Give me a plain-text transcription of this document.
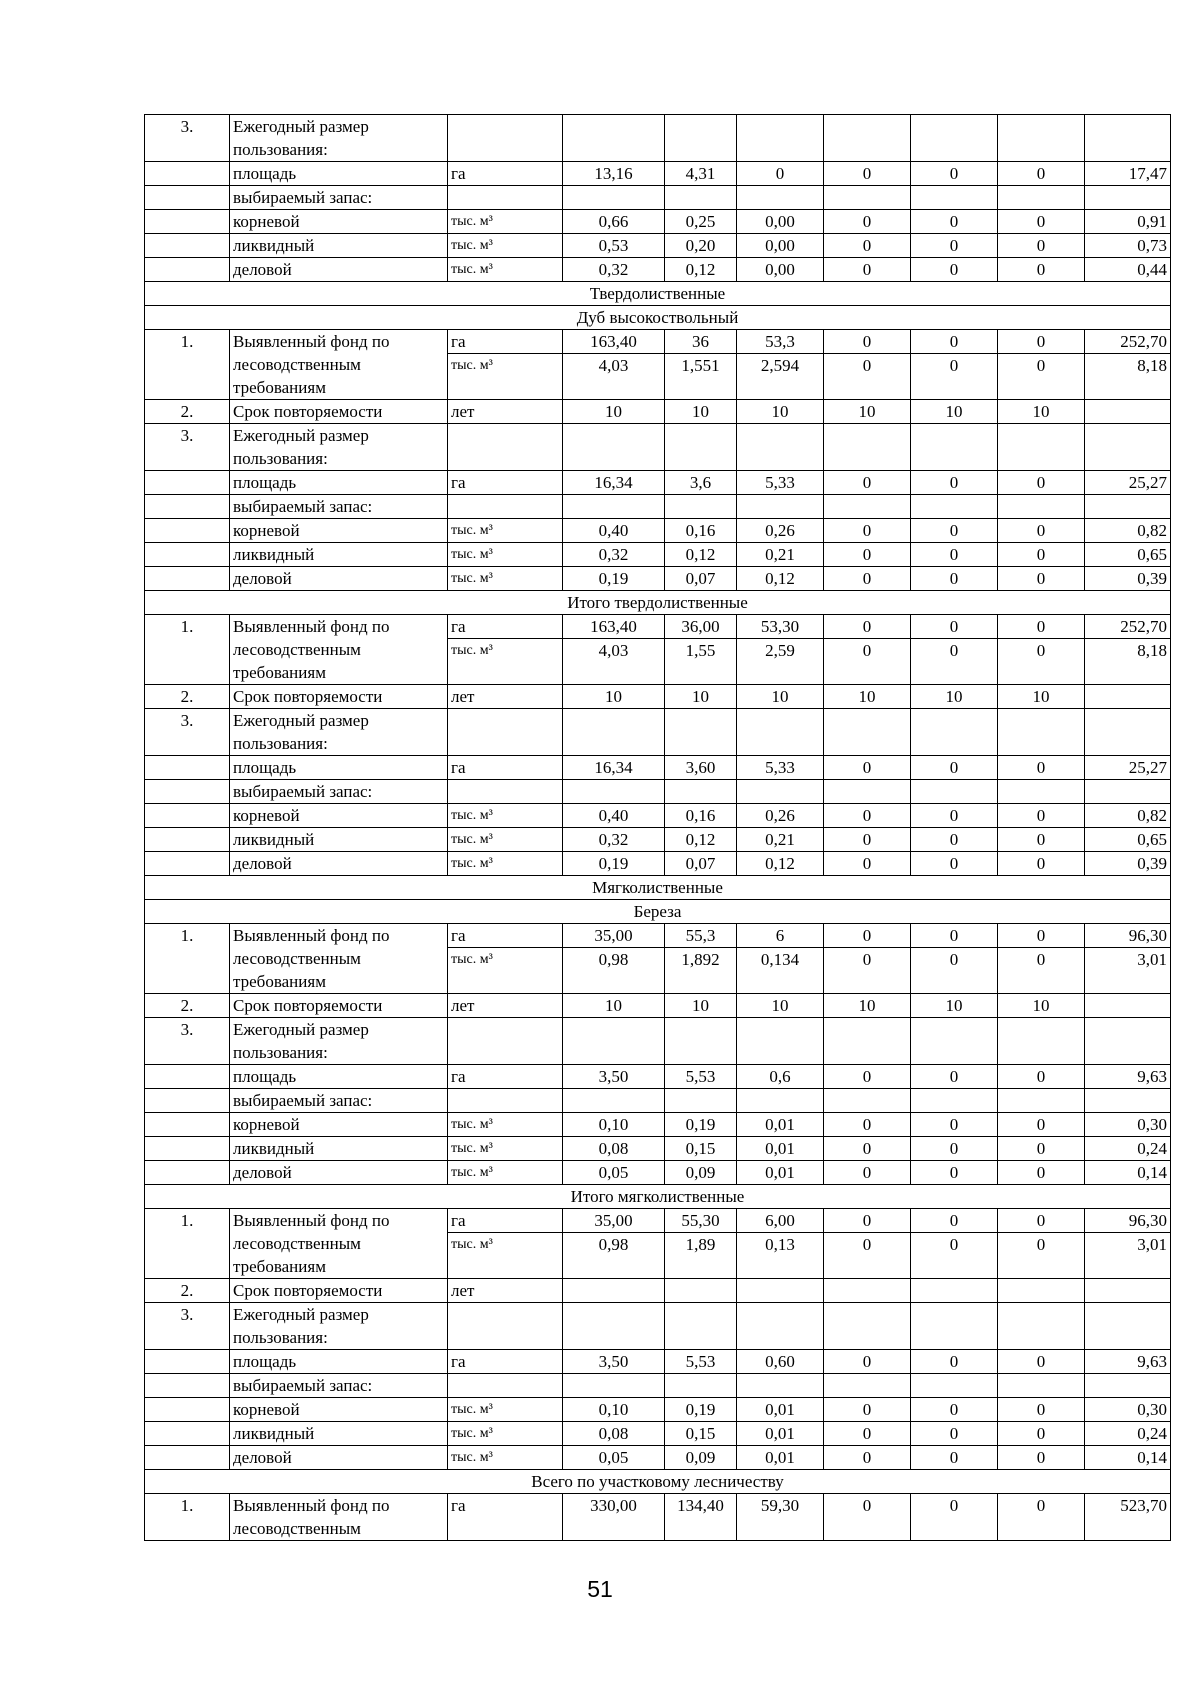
3.	Ежегодный размер пользования:								
	площадь	га	13,16	4,31	0	0	0	0	17,47
	выбираемый запас:								
	корневой	тыс. м³	0,66	0,25	0,00	0	0	0	0,91
	ликвидный	тыс. м³	0,53	0,20	0,00	0	0	0	0,73
	деловой	тыс. м³	0,32	0,12	0,00	0	0	0	0,44
Твердолиственные									
Дуб высокоствольный									
1.	Выявленный фонд по лесоводственным требованиям	га	163,40	36	53,3	0	0	0	252,70
		тыс. м³	4,03	1,551	2,594	0	0	0	8,18
2.	Срок повторяемости	лет	10	10	10	10	10	10	
3.	Ежегодный размер пользования:								
	площадь	га	16,34	3,6	5,33	0	0	0	25,27
	выбираемый запас:								
	корневой	тыс. м³	0,40	0,16	0,26	0	0	0	0,82
	ликвидный	тыс. м³	0,32	0,12	0,21	0	0	0	0,65
	деловой	тыс. м³	0,19	0,07	0,12	0	0	0	0,39
Итого твердолиственные									
1.	Выявленный фонд по лесоводственным требованиям	га	163,40	36,00	53,30	0	0	0	252,70
		тыс. м³	4,03	1,55	2,59	0	0	0	8,18
2.	Срок повторяемости	лет	10	10	10	10	10	10	
3.	Ежегодный размер пользования:								
	площадь	га	16,34	3,60	5,33	0	0	0	25,27
	выбираемый запас:								
	корневой	тыс. м³	0,40	0,16	0,26	0	0	0	0,82
	ликвидный	тыс. м³	0,32	0,12	0,21	0	0	0	0,65
	деловой	тыс. м³	0,19	0,07	0,12	0	0	0	0,39
Мягколиственные									
Береза									
1.	Выявленный фонд по лесоводственным требованиям	га	35,00	55,3	6	0	0	0	96,30
		тыс. м³	0,98	1,892	0,134	0	0	0	3,01
2.	Срок повторяемости	лет	10	10	10	10	10	10	
3.	Ежегодный размер пользования:								
	площадь	га	3,50	5,53	0,6	0	0	0	9,63
	выбираемый запас:								
	корневой	тыс. м³	0,10	0,19	0,01	0	0	0	0,30
	ликвидный	тыс. м³	0,08	0,15	0,01	0	0	0	0,24
	деловой	тыс. м³	0,05	0,09	0,01	0	0	0	0,14
Итого мягколиственные									
1.	Выявленный фонд по лесоводственным требованиям	га	35,00	55,30	6,00	0	0	0	96,30
		тыс. м³	0,98	1,89	0,13	0	0	0	3,01
2.	Срок повторяемости	лет							
3.	Ежегодный размер пользования:								
	площадь	га	3,50	5,53	0,60	0	0	0	9,63
	выбираемый запас:								
	корневой	тыс. м³	0,10	0,19	0,01	0	0	0	0,30
	ликвидный	тыс. м³	0,08	0,15	0,01	0	0	0	0,24
	деловой	тыс. м³	0,05	0,09	0,01	0	0	0	0,14
Всего по участковому лесничеству									
1.	Выявленный фонд по лесоводственным	га	330,00	134,40	59,30	0	0	0	523,70
51
